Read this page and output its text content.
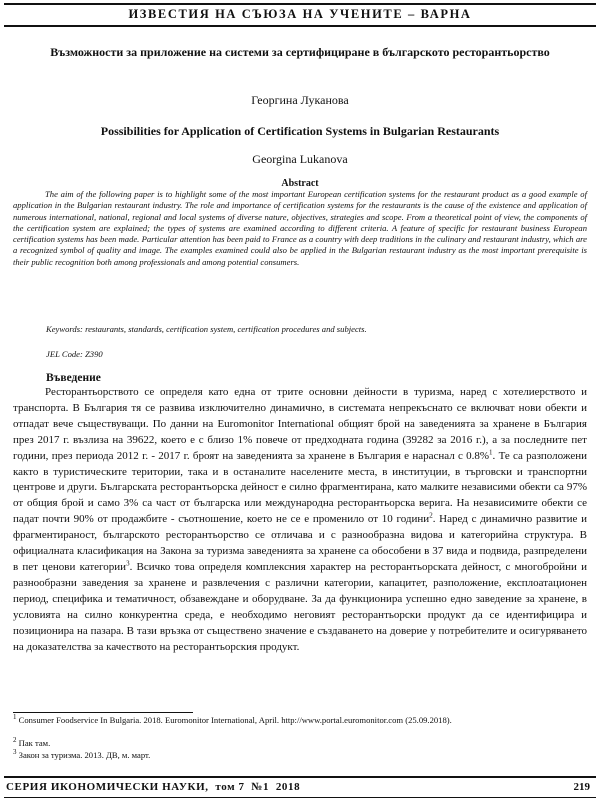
ИЗВЕСТИЯ НА СЪЮЗА НА УЧЕНИТЕ – ВАРНА
Възможности за приложение на системи за сертифициране в българското ресторантьорство
Георгина Луканова
Possibilities for Application of Certification Systems in Bulgarian Restaurants
Georgina Lukanova
Abstract
The aim of the following paper is to highlight some of the most important European certification systems for the restaurant product as a good example of application in the Bulgarian restaurant industry. The role and importance of certification systems for the restaurants is the cause of the existence and application of numerous international, national, regional and local systems of diverse nature, objectives, strategies and scope. From a theoretical point of view, the components of the certification system are explained; the types of systems are examined according to different criteria. A feature of specific for restaurant business European certification systems has been made. Particular attention has been paid to France as a country with deep traditions in the culinary and restaurant industry, which are a recognized symbol of quality and image. The examples examined could also be applied in the Bulgarian restaurant industry as the most important prerequisite is their public recognition both among professionals and among potential consumers.
Keywords: restaurants, standards, certification system, certification procedures and subjects.
JEL Code: Z390
Въведение
Ресторантьорството се определя като една от трите основни дейности в туризма, наред с хотелиерството и транспорта. В България тя се развива изключително динамично, в системата непрекъснато се включват нови обекти и отпадат вече съществуващи. По данни на Euromonitor International общият брой на заведенията за хранене в България през 2017 г. възлиза на 39622, което е с близо 1% повече от предходната година (39282 за 2016 г.), а за последните пет години, през периода 2012 г. - 2017 г. броят на заведенията за хранене в България е нараснал с 0.8%$^1$. Те са разположени както в туристическите територии, така и в останалите населените места, в институции, в търговски и транспортни центрове и други. Българската ресторантьорска дейност е силно фрагментирана, като малките независими обекти са 97% от общия брой и само 3% са част от българска или международна ресторантьорска верига. На независимите обекти се падат почти 90% от продажбите - съотношение, което не се е променило от 10 години$^2$. Наред с динамично развитие и фрагментирaност, българското ресторантьорство се отличава и с разнообразна видова и категорийна структура. В официалната класификация на Закона за туризма заведенията за хранене са обособени в 37 вида и подвида, разпределени в пет ценови категории$^3$. Всичко това определя комплексния характер на ресторантьорската дейност, с многобройни и разнообразни заведения за хранене и развлечения с различни категории, капацитет, разположение, експлоатационен период, специфика и тематичност, обзавеждане и оборудване. За да функционира успешно едно заведение за хранене, в условията на силно конкурентна среда, е необходимо неговият ресторантьорски продукт да се идентифицира и позиционира на пазара. В тази връзка от съществено значение е създаването на доверие у потребителите и осигуряването на доказателства за качеството на ресторантьорския продукт.
$^1$ Consumer Foodservice In Bulgaria. 2018. Euromonitor International, April. http://www.portal.euromonitor.com (25.09.2018).
$^2$ Пак там.
$^3$ Закон за туризма. 2013. ДВ, м. март.
СЕРИЯ ИКОНОМИЧЕСКИ НАУКИ, том 7 №1 2018	219
